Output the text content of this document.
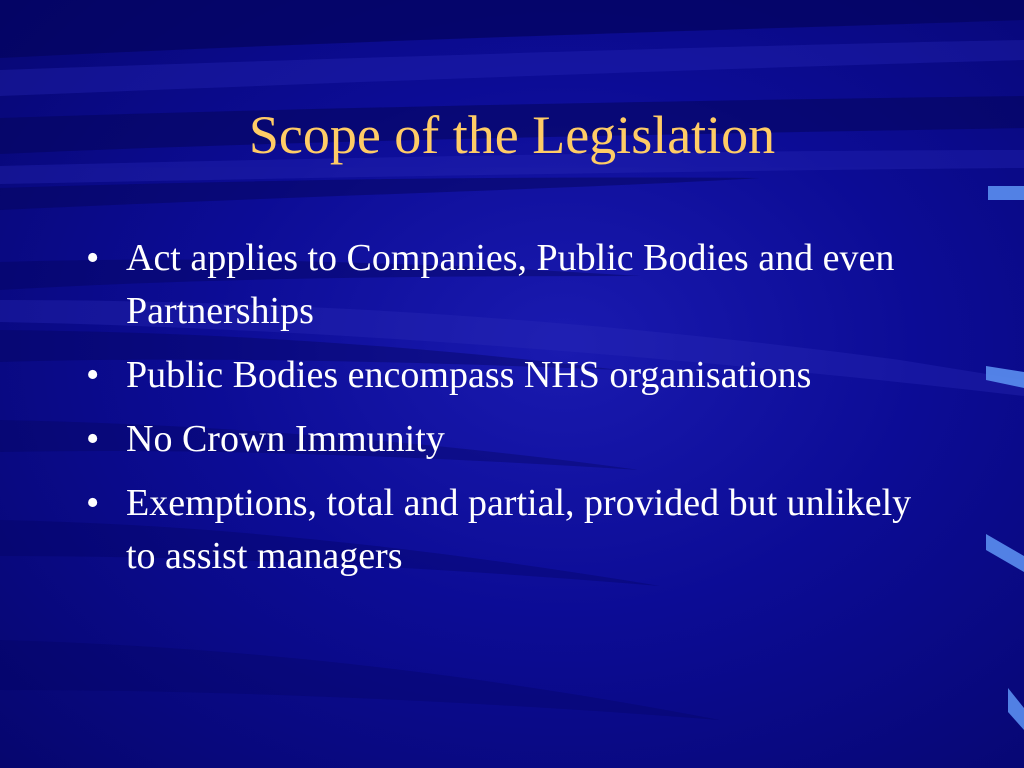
Scope of the Legislation
• Act applies to Companies, Public Bodies and even Partnerships
• Public Bodies encompass NHS organisations
• No Crown Immunity
• Exemptions, total and partial, provided but unlikely to assist managers
